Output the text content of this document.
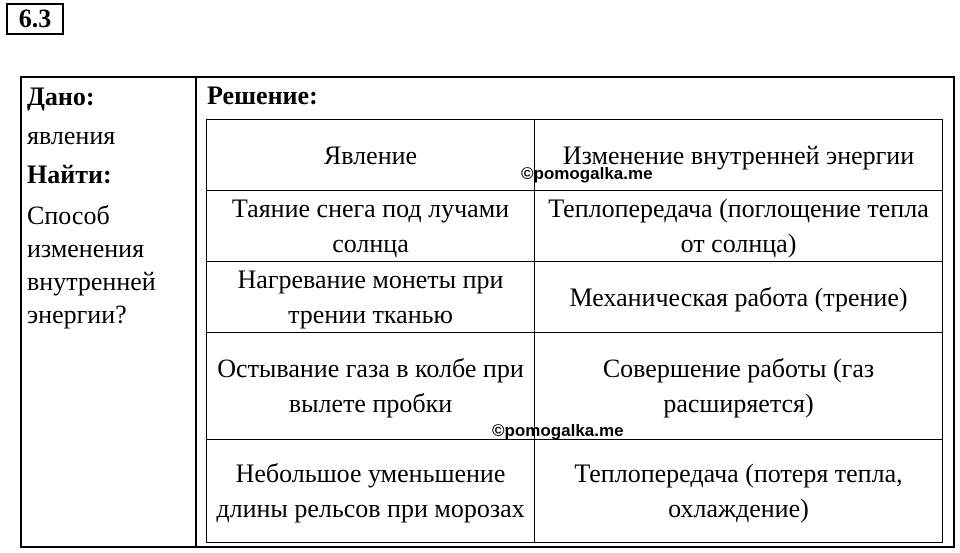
6.3
Дано:
явления
Найти:
Способ
изменения
внутренней
энергии?
Решение:
Явление	Изменение внутренней энергии
Таяние снега под лучами солнца	Теплопередача (поглощение тепла от солнца)
Нагревание монеты при трении тканью	Механическая работа (трение)
Остывание газа в колбе при вылете пробки	Совершение работы (газ расширяется)
Небольшое уменьшение длины рельсов при морозах	Теплопередача (потеря тепла, охлаждение)
©pomogalka.me
©pomogalka.me
